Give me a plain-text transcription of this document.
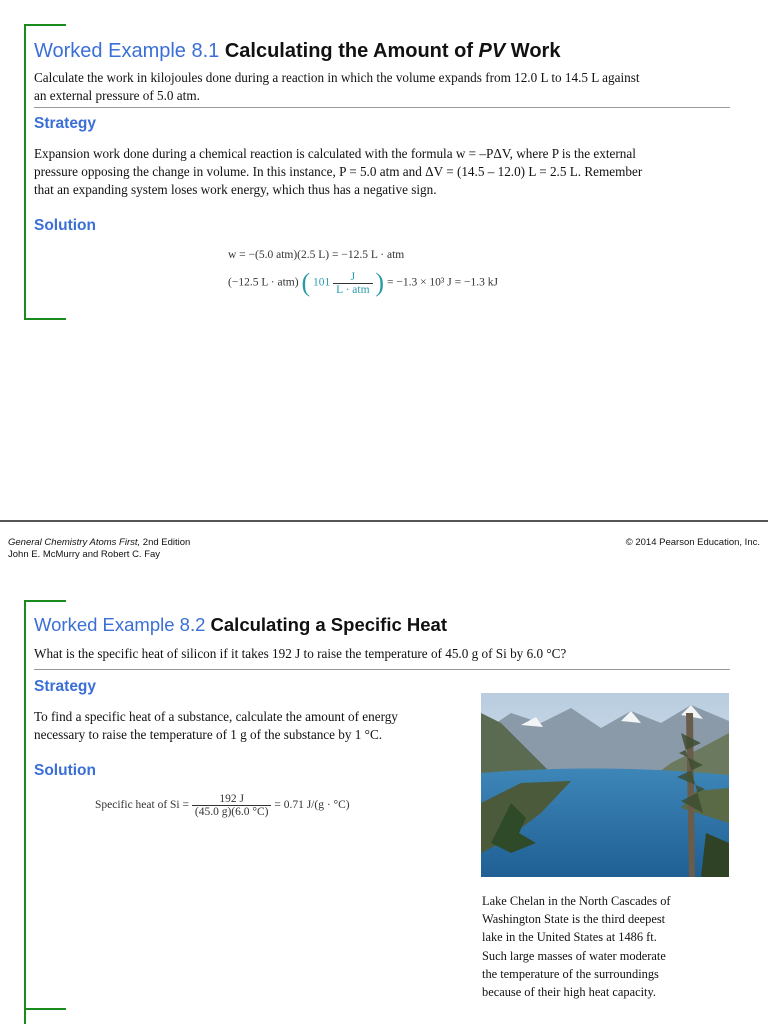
Worked Example 8.1 Calculating the Amount of PV Work
Calculate the work in kilojoules done during a reaction in which the volume expands from 12.0 L to 14.5 L against
an external pressure of 5.0 atm.
Strategy
Expansion work done during a chemical reaction is calculated with the formula w = –PΔV, where P is the external
pressure opposing the change in volume. In this instance, P = 5.0 atm and ΔV = (14.5 – 12.0) L = 2.5 L. Remember
that an expanding system loses work energy, which thus has a negative sign.
Solution
w = −(5.0 atm)(2.5 L) = −12.5 L · atm
(−12.5 L · atm) ( $101 \frac{J}{\text{L · atm}}$ ) = −1.3 × 10³ J = −1.3 kJ
General Chemistry Atoms First, 2nd Edition
John E. McMurry and Robert C. Fay
© 2014 Pearson Education, Inc.
Worked Example 8.2 Calculating a Specific Heat
What is the specific heat of silicon if it takes 192 J to raise the temperature of 45.0 g of Si by 6.0 °C?
Strategy
To find a specific heat of a substance, calculate the amount of energy
necessary to raise the temperature of 1 g of the substance by 1 °C.
Solution
Specific heat of $Si = \frac{192 J}{(45.0 g)(6.0 ^\circ C)} = 0.71$ J/(g · °C)
Lake Chelan in the North Cascades of
Washington State is the third deepest
lake in the United States at 1486 ft.
Such large masses of water moderate
the temperature of the surroundings
because of their high heat capacity.
